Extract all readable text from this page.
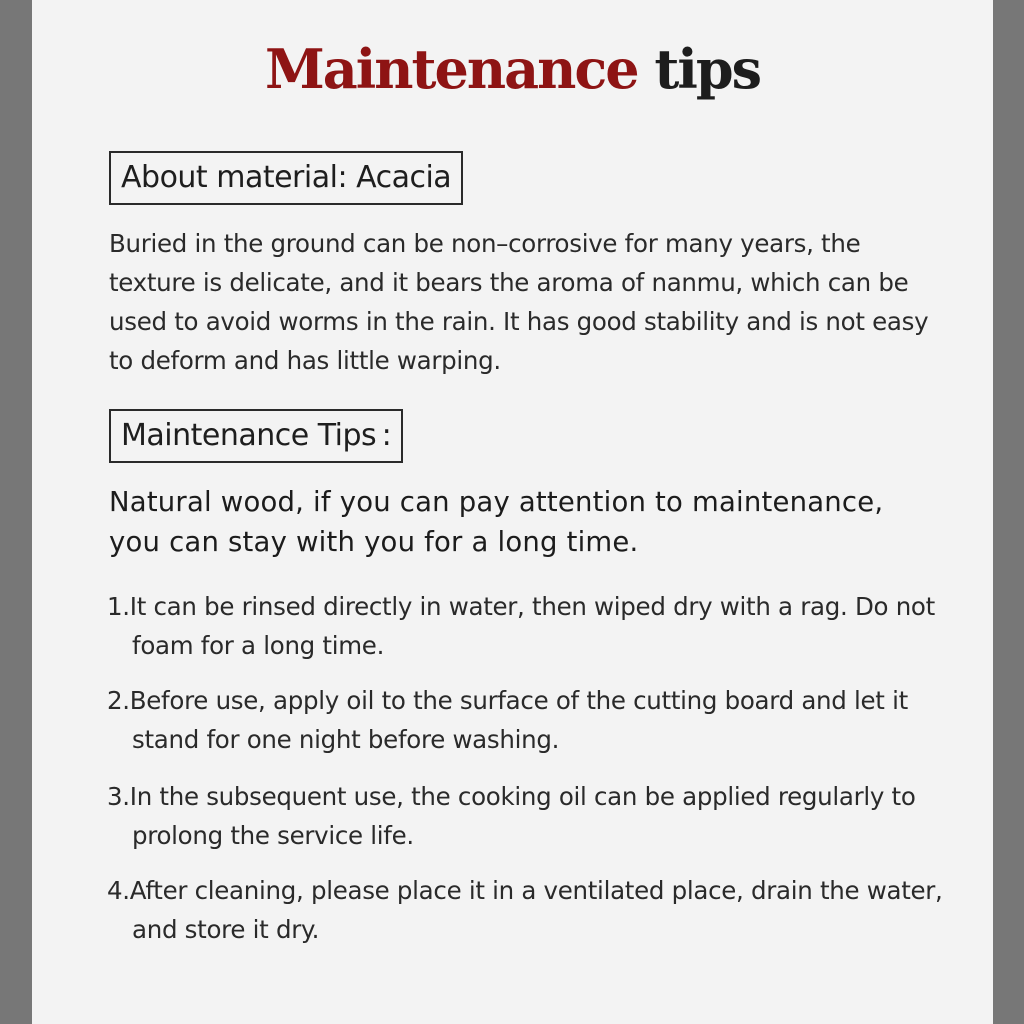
Maintenance tips
About material: Acacia
Buried in the ground can be non–corrosive for many years, the texture is delicate, and it bears the aroma of nanmu, which can be used to avoid worms in the rain. It has good stability and is not easy to deform and has little warping.
Maintenance Tips :
Natural wood, if you can pay attention to maintenance, you can stay with you for a long time.
1.It can be rinsed directly in water, then wiped dry with a rag. Do not foam for a long time.
2.Before use, apply oil to the surface of the cutting board and let it stand for one night before washing.
3.In the subsequent use, the cooking oil can be applied regularly to prolong the service life.
4.After cleaning, please place it in a ventilated place, drain the water, and store it dry.
